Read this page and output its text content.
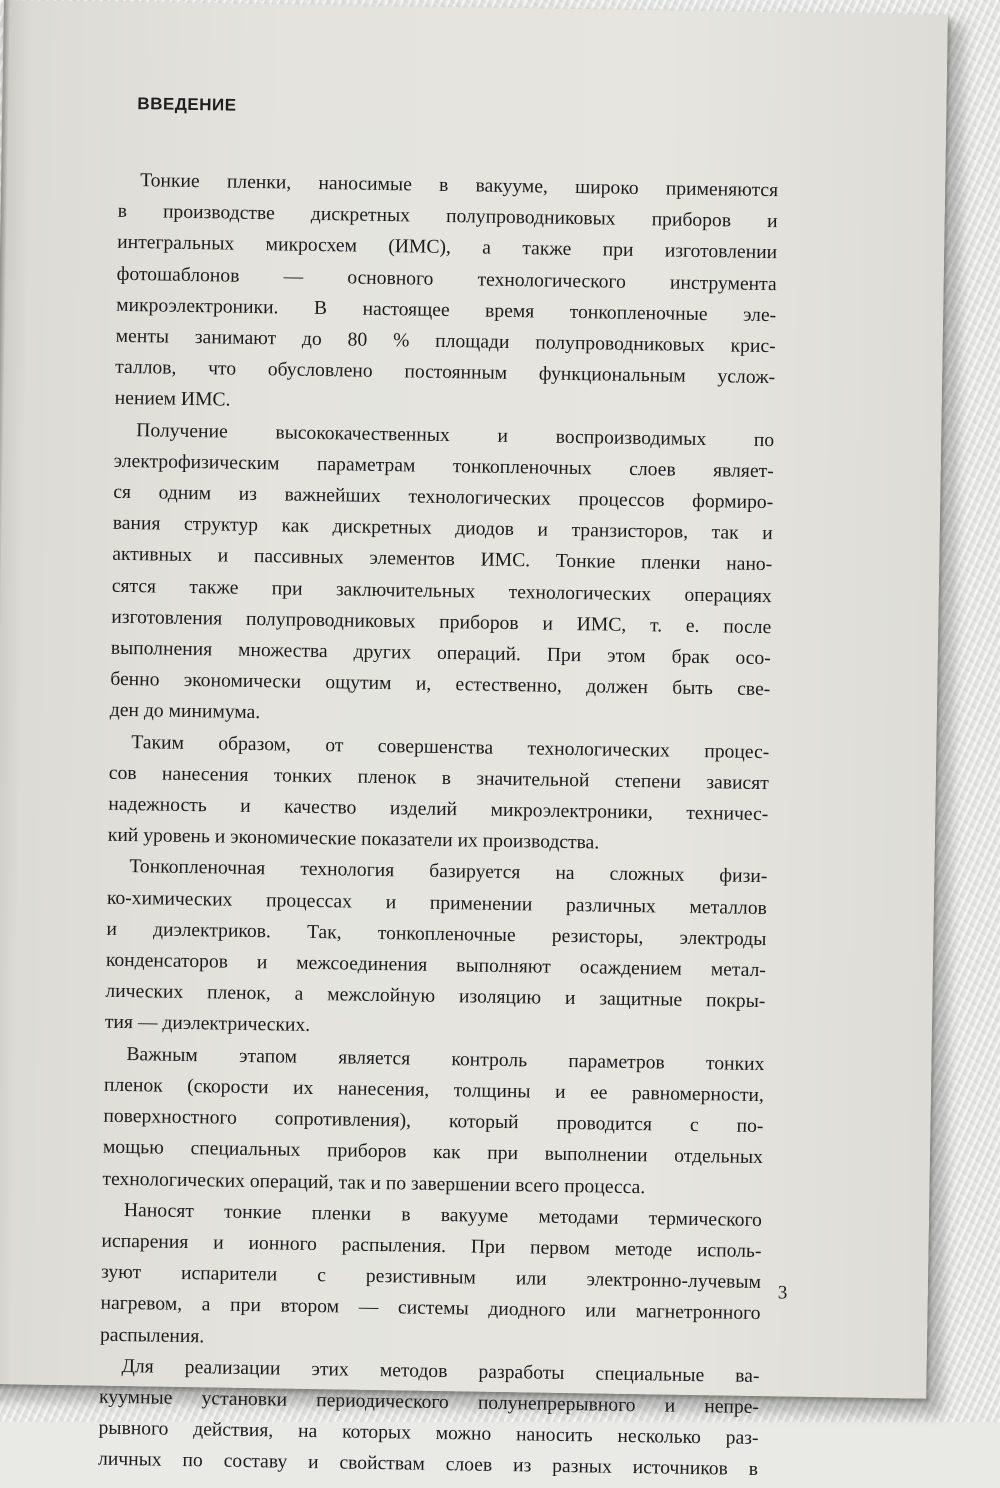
ВВЕДЕНИЕ
Тонкие пленки, наносимые в вакууме, широко применяются
в производстве дискретных полупроводниковых приборов и
интегральных микросхем (ИМС), а также при изготовлении
фотошаблонов — основного технологического инструмента
микроэлектроники. В настоящее время тонкопленочные эле-
менты занимают до 80 % площади полупроводниковых крис-
таллов, что обусловлено постоянным функциональным услож-
нением ИМС.
Получение высококачественных и воспроизводимых по
электрофизическим параметрам тонкопленочных слоев являет-
ся одним из важнейших технологических процессов формиро-
вания структур как дискретных диодов и транзисторов, так и
активных и пассивных элементов ИМС. Тонкие пленки нано-
сятся также при заключительных технологических операциях
изготовления полупроводниковых приборов и ИМС, т. е. после
выполнения множества других операций. При этом брак осо-
бенно экономически ощутим и, естественно, должен быть све-
ден до минимума.
Таким образом, от совершенства технологических процес-
сов нанесения тонких пленок в значительной степени зависят
надежность и качество изделий микроэлектроники, техничес-
кий уровень и экономические показатели их производства.
Тонкопленочная технология базируется на сложных физи-
ко-химических процессах и применении различных металлов
и диэлектриков. Так, тонкопленочные резисторы, электроды
конденсаторов и межсоединения выполняют осаждением метал-
лических пленок, а межслойную изоляцию и защитные покры-
тия — диэлектрических.
Важным этапом является контроль параметров тонких
пленок (скорости их нанесения, толщины и ее равномерности,
поверхностного сопротивления), который проводится с по-
мощью специальных приборов как при выполнении отдельных
технологических операций, так и по завершении всего процесса.
Наносят тонкие пленки в вакууме методами термического
испарения и ионного распыления. При первом методе исполь-
зуют испарители с резистивным или электронно-лучевым
нагревом, а при втором — системы диодного или магнетронного
распыления.
Для реализации этих методов разработы специальные ва-
куумные установки периодического полунепрерывного и непре-
рывного действия, на которых можно наносить несколько раз-
личных по составу и свойствам слоев из разных источников в
3
